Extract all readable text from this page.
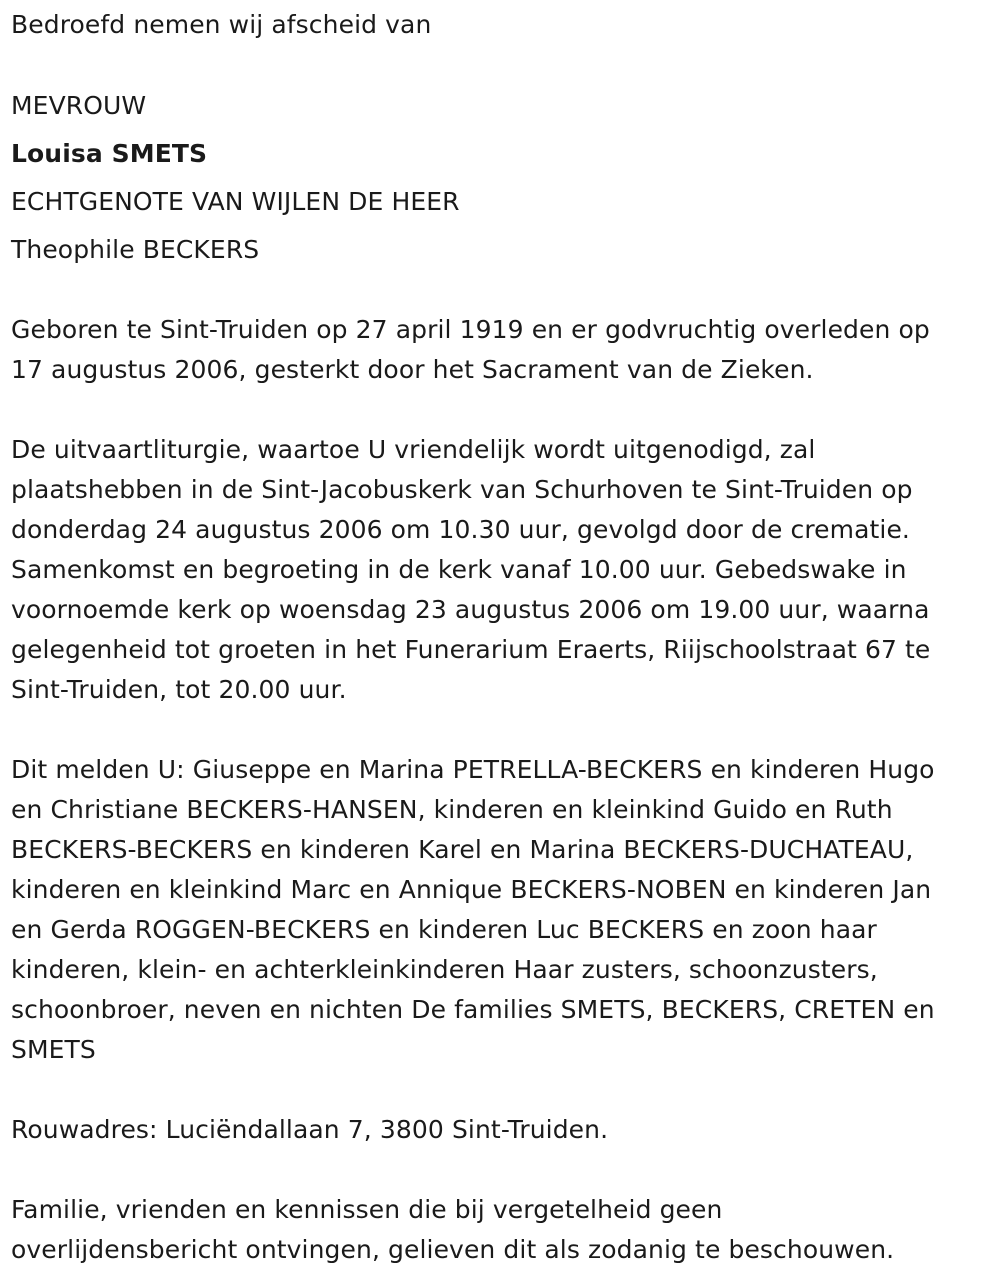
Bedroefd nemen wij afscheid van
MEVROUW
Louisa SMETS
ECHTGENOTE VAN WIJLEN DE HEER
Theophile BECKERS
Geboren te Sint-Truiden op 27 april 1919 en er godvruchtig overleden op
17 augustus 2006, gesterkt door het Sacrament van de Zieken.
De uitvaartliturgie, waartoe U vriendelijk wordt uitgenodigd, zal
plaatshebben in de Sint-Jacobuskerk van Schurhoven te Sint-Truiden op
donderdag 24 augustus 2006 om 10.30 uur, gevolgd door de crematie.
Samenkomst en begroeting in de kerk vanaf 10.00 uur. Gebedswake in
voornoemde kerk op woensdag 23 augustus 2006 om 19.00 uur, waarna
gelegenheid tot groeten in het Funerarium Eraerts, Riijschoolstraat 67 te
Sint-Truiden, tot 20.00 uur.
Dit melden U: Giuseppe en Marina PETRELLA-BECKERS en kinderen Hugo
en Christiane BECKERS-HANSEN, kinderen en kleinkind Guido en Ruth
BECKERS-BECKERS en kinderen Karel en Marina BECKERS-DUCHATEAU,
kinderen en kleinkind Marc en Annique BECKERS-NOBEN en kinderen Jan
en Gerda ROGGEN-BECKERS en kinderen Luc BECKERS en zoon haar
kinderen, klein- en achterkleinkinderen Haar zusters, schoonzusters,
schoonbroer, neven en nichten De families SMETS, BECKERS, CRETEN en
SMETS
Rouwadres: Luciëndallaan 7, 3800 Sint-Truiden.
Familie, vrienden en kennissen die bij vergetelheid geen
overlijdensbericht ontvingen, gelieven dit als zodanig te beschouwen.
